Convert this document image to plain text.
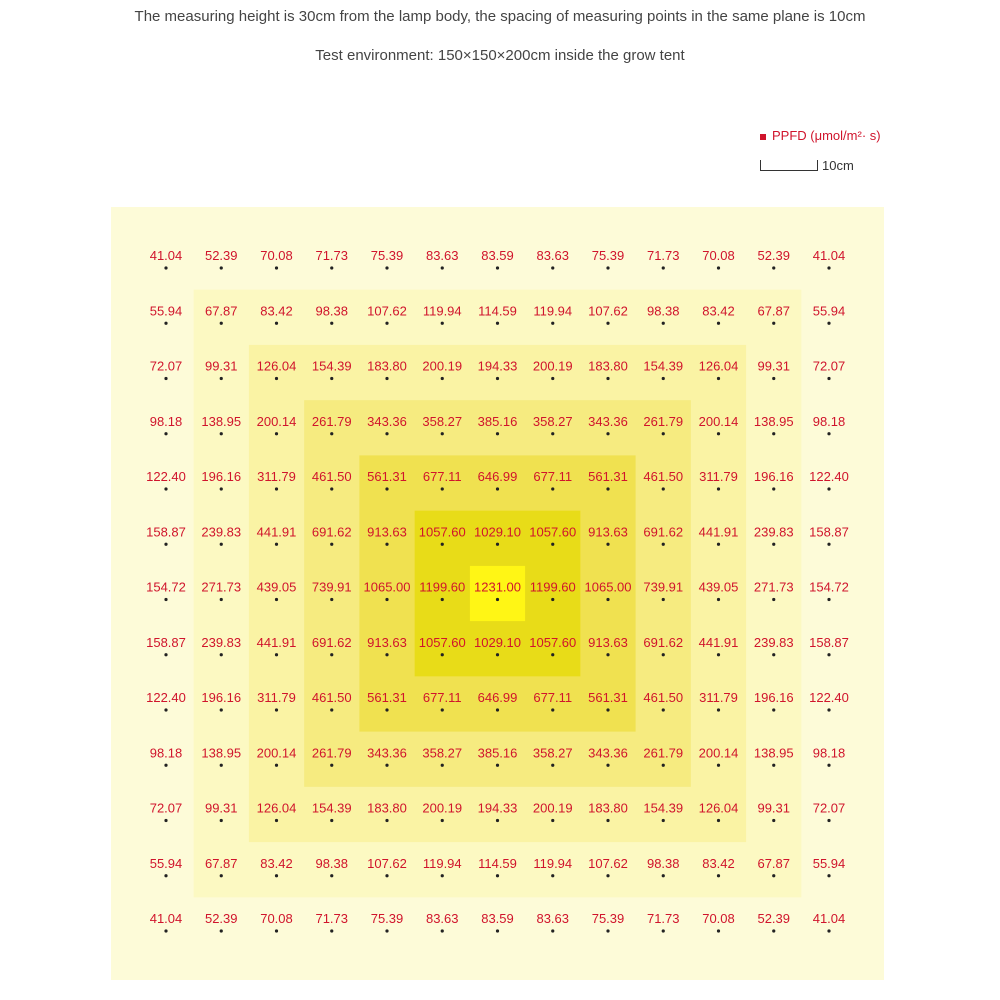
The measuring height is 30cm from the lamp body, the spacing of measuring points in the same plane is 10cm
Test environment: 150×150×200cm inside the grow tent
PPFD (μmol/m²· s)
10cm
41.04 52.39 70.08 71.73 75.39 83.63 83.59 83.63 75.39 71.73 70.08 52.39 41.04
55.94 67.87 83.42 98.38 107.62 119.94 114.59 119.94 107.62 98.38 83.42 67.87 55.94
72.07 99.31 126.04 154.39 183.80 200.19 194.33 200.19 183.80 154.39 126.04 99.31 72.07
98.18 138.95 200.14 261.79 343.36 358.27 385.16 358.27 343.36 261.79 200.14 138.95 98.18
122.40 196.16 311.79 461.50 561.31 677.11 646.99 677.11 561.31 461.50 311.79 196.16 122.40
158.87 239.83 441.91 691.62 913.63 1057.60 1029.10 1057.60 913.63 691.62 441.91 239.83 158.87
154.72 271.73 439.05 739.91 1065.00 1199.60 1231.00 1199.60 1065.00 739.91 439.05 271.73 154.72
158.87 239.83 441.91 691.62 913.63 1057.60 1029.10 1057.60 913.63 691.62 441.91 239.83 158.87
122.40 196.16 311.79 461.50 561.31 677.11 646.99 677.11 561.31 461.50 311.79 196.16 122.40
98.18 138.95 200.14 261.79 343.36 358.27 385.16 358.27 343.36 261.79 200.14 138.95 98.18
72.07 99.31 126.04 154.39 183.80 200.19 194.33 200.19 183.80 154.39 126.04 99.31 72.07
55.94 67.87 83.42 98.38 107.62 119.94 114.59 119.94 107.62 98.38 83.42 67.87 55.94
41.04 52.39 70.08 71.73 75.39 83.63 83.59 83.63 75.39 71.73 70.08 52.39 41.04
